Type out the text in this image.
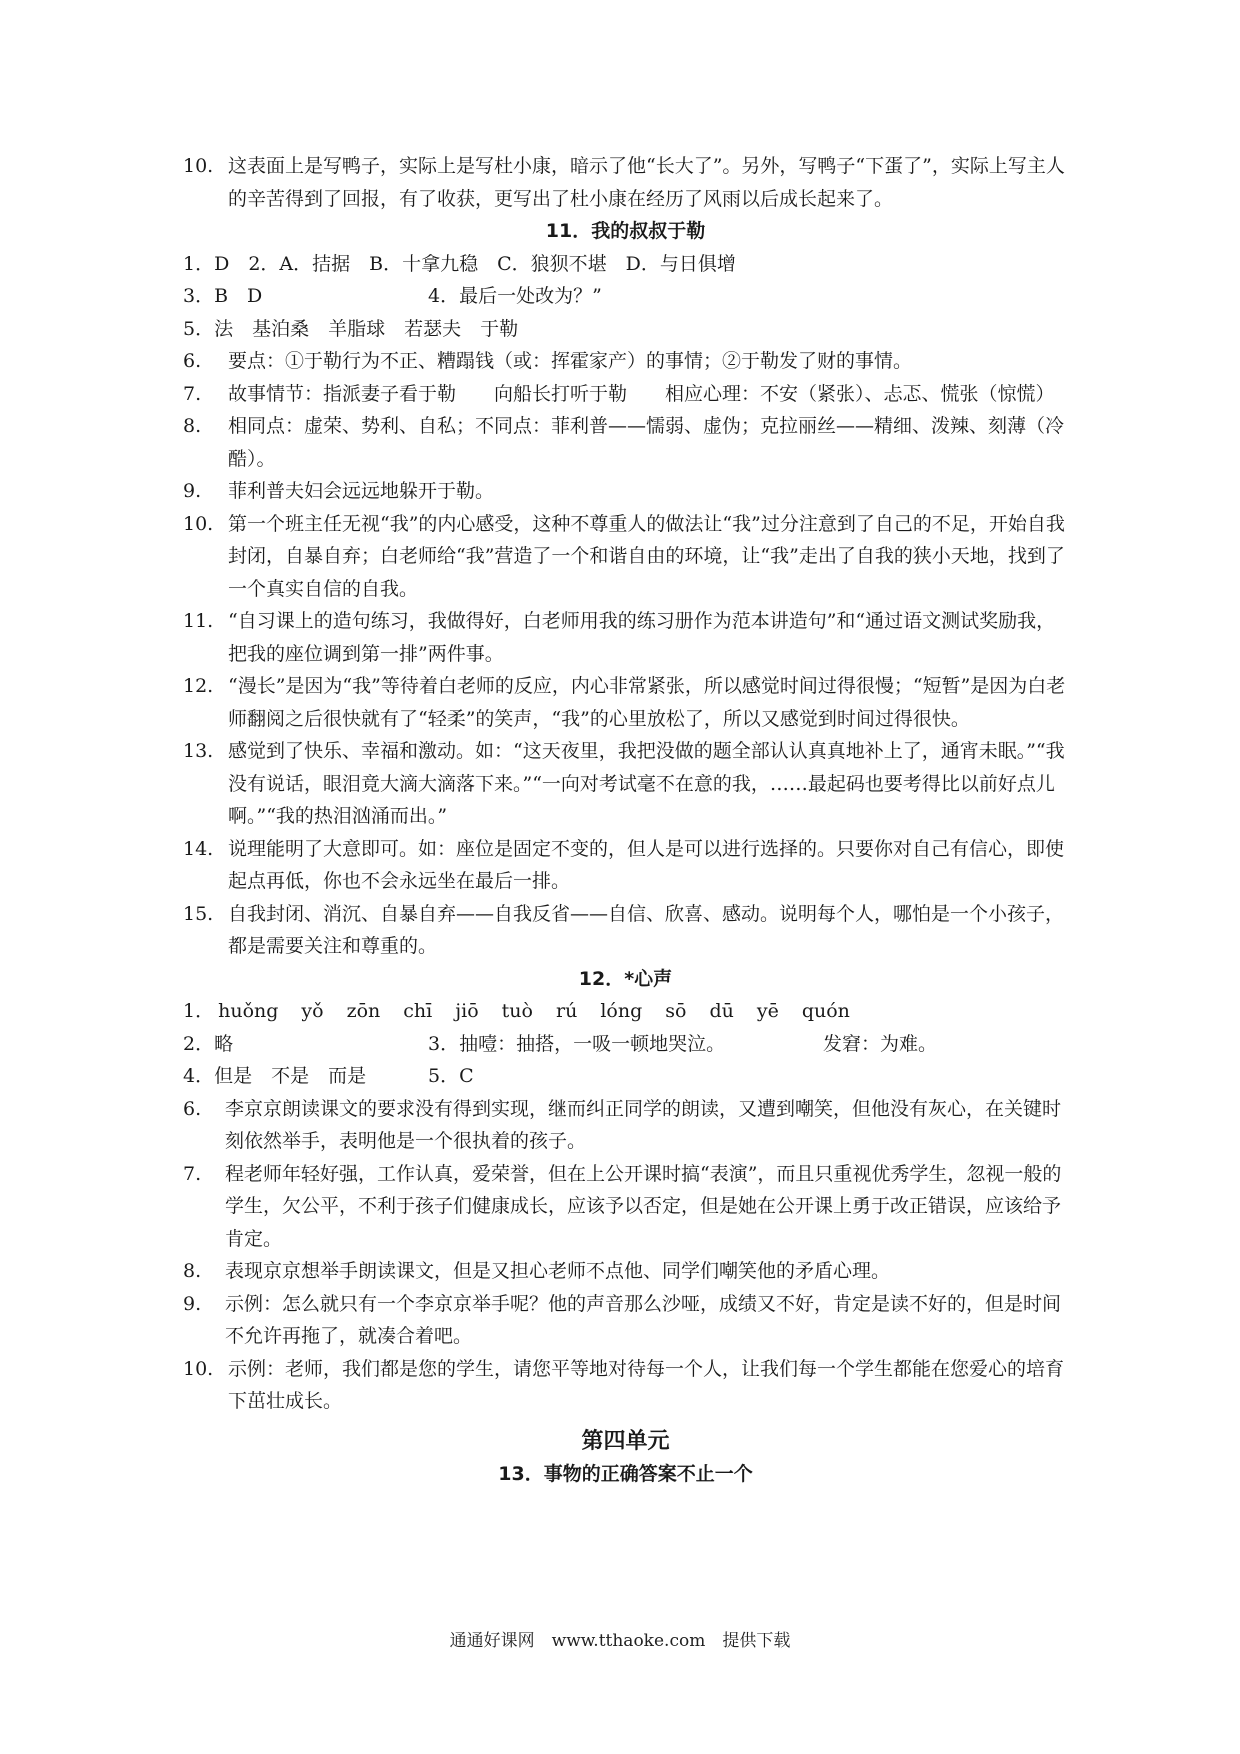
10. 这表面上是写鸭子，实际上是写杜小康，暗示了他“长大了”。另外，写鸭子“下蛋了”，实际上写主人的辛苦得到了回报，有了收获，更写出了杜小康在经历了风雨以后成长起来了。
11．我的叔叔于勒
1．D　2．A．拮据　B．十拿九稳　C．狼狈不堪　D．与日俱增
3．B　D	4．最后一处改为？”
5．法　基泊桑　羊脂球　若瑟夫　于勒
6. 要点：①于勒行为不正、糟蹋钱（或：挥霍家产）的事情；②于勒发了财的事情。
7. 故事情节：指派妻子看于勒　　向船长打听于勒　　相应心理：不安（紧张）、忐忑、慌张（惊慌）
8. 相同点：虚荣、势利、自私；不同点：菲利普——懦弱、虚伪；克拉丽丝——精细、泼辣、刻薄（冷酷）。
9. 菲利普夫妇会远远地躲开于勒。
10. 第一个班主任无视“我”的内心感受，这种不尊重人的做法让“我”过分注意到了自己的不足，开始自我封闭，自暴自弃；白老师给“我”营造了一个和谐自由的环境，让“我”走出了自我的狭小天地，找到了一个真实自信的自我。
11. “自习课上的造句练习，我做得好，白老师用我的练习册作为范本讲造句”和“通过语文测试奖励我，把我的座位调到第一排”两件事。
12. “漫长”是因为“我”等待着白老师的反应，内心非常紧张，所以感觉时间过得很慢；“短暂”是因为白老师翻阅之后很快就有了“轻柔”的笑声，“我”的心里放松了，所以又感觉到时间过得很快。
13. 感觉到了快乐、幸福和激动。如：“这天夜里，我把没做的题全部认认真真地补上了，通宵未眠。”“我没有说话，眼泪竟大滴大滴落下来。”“一向对考试毫不在意的我，……最起码也要考得比以前好点儿啊。”“我的热泪汹涌而出。”
14. 说理能明了大意即可。如：座位是固定不变的，但人是可以进行选择的。只要你对自己有信心，即使起点再低，你也不会永远坐在最后一排。
15. 自我封闭、消沉、自暴自弃——自我反省——自信、欣喜、感动。说明每个人，哪怕是一个小孩子，都是需要关注和尊重的。
12．*心声
1． huǒng yǒ zōn chī jiō tuò rú lóng sō dū yē quón
2．略	3．抽噎：抽搭，一吸一顿地哭泣。	发窘：为难。
4．但是　不是　而是	5．C
6. 李京京朗读课文的要求没有得到实现，继而纠正同学的朗读，又遭到嘲笑，但他没有灰心，在关键时刻依然举手，表明他是一个很执着的孩子。
7. 程老师年轻好强，工作认真，爱荣誉，但在上公开课时搞“表演”，而且只重视优秀学生，忽视一般的学生，欠公平，不利于孩子们健康成长，应该予以否定，但是她在公开课上勇于改正错误，应该给予肯定。
8. 表现京京想举手朗读课文，但是又担心老师不点他、同学们嘲笑他的矛盾心理。
9. 示例：怎么就只有一个李京京举手呢？他的声音那么沙哑，成绩又不好，肯定是读不好的，但是时间不允许再拖了，就凑合着吧。
10. 示例：老师，我们都是您的学生，请您平等地对待每一个人，让我们每一个学生都能在您爱心的培育下茁壮成长。
第四单元
13．事物的正确答案不止一个
通通好课网　www.tthaoke.com　提供下载
